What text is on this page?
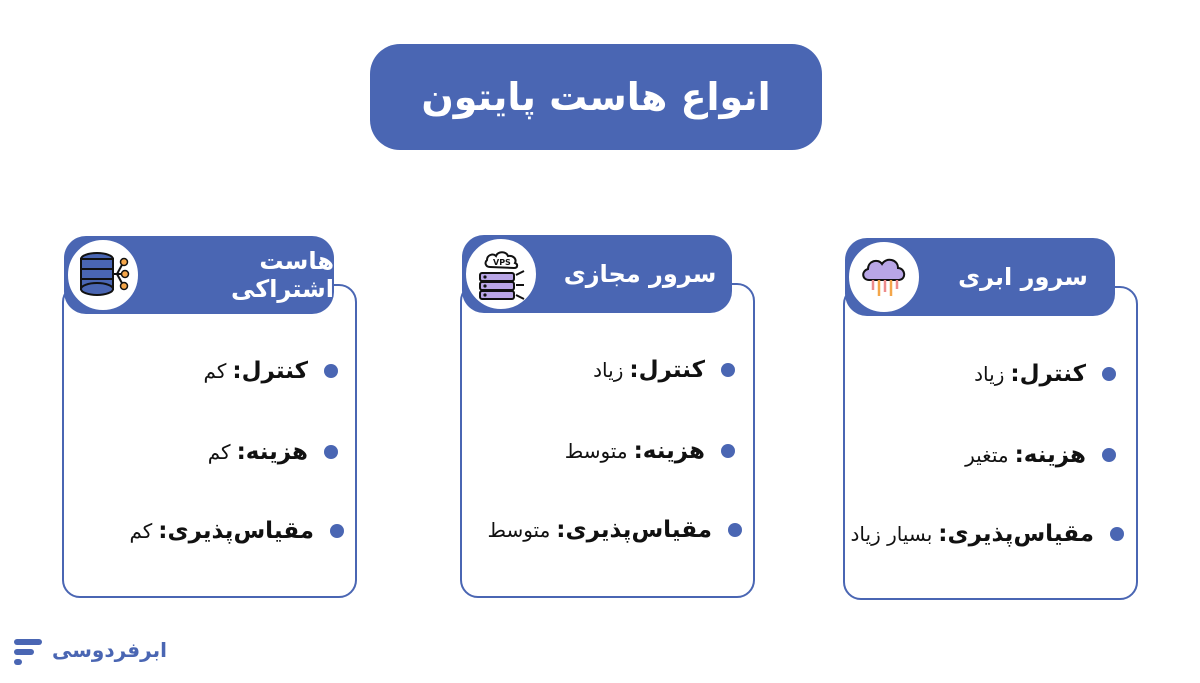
انواع هاست پایتون
هاست اشتراکی
کنترل:
کم
هزینه:
کم
مقیاس‌پذیری:
کم
سرور مجازی
VPS
کنترل:
زیاد
هزینه:
متوسط
مقیاس‌پذیری:
متوسط
سرور ابری
کنترل:
زیاد
هزینه:
متغیر
مقیاس‌پذیری:
بسیار زیاد
ابرفردوسی
